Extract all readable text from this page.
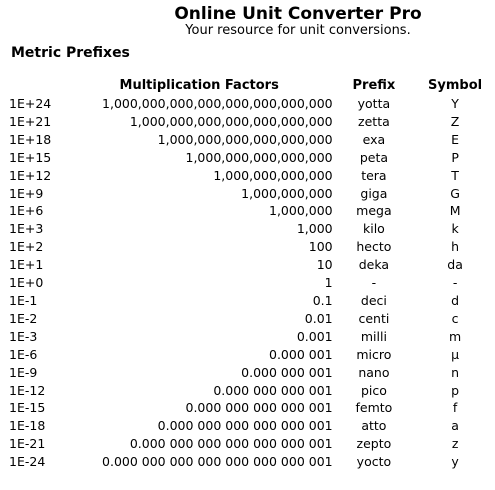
Online Unit Converter Pro
Your resource for unit conversions.
Metric Prefixes
	Multiplication Factors	Prefix	Symbol
1E+24	1,000,000,000,000,000,000,000,000	yotta	Y
1E+21	1,000,000,000,000,000,000,000	zetta	Z
1E+18	1,000,000,000,000,000,000	exa	E
1E+15	1,000,000,000,000,000	peta	P
1E+12	1,000,000,000,000	tera	T
1E+9	1,000,000,000	giga	G
1E+6	1,000,000	mega	M
1E+3	1,000	kilo	k
1E+2	100	hecto	h
1E+1	10	deka	da
1E+0	1	-	-
1E-1	0.1	deci	d
1E-2	0.01	centi	c
1E-3	0.001	milli	m
1E-6	0.000 001	micro	μ
1E-9	0.000 000 001	nano	n
1E-12	0.000 000 000 001	pico	p
1E-15	0.000 000 000 000 001	femto	f
1E-18	0.000 000 000 000 000 001	atto	a
1E-21	0.000 000 000 000 000 000 001	zepto	z
1E-24	0.000 000 000 000 000 000 000 001	yocto	y
